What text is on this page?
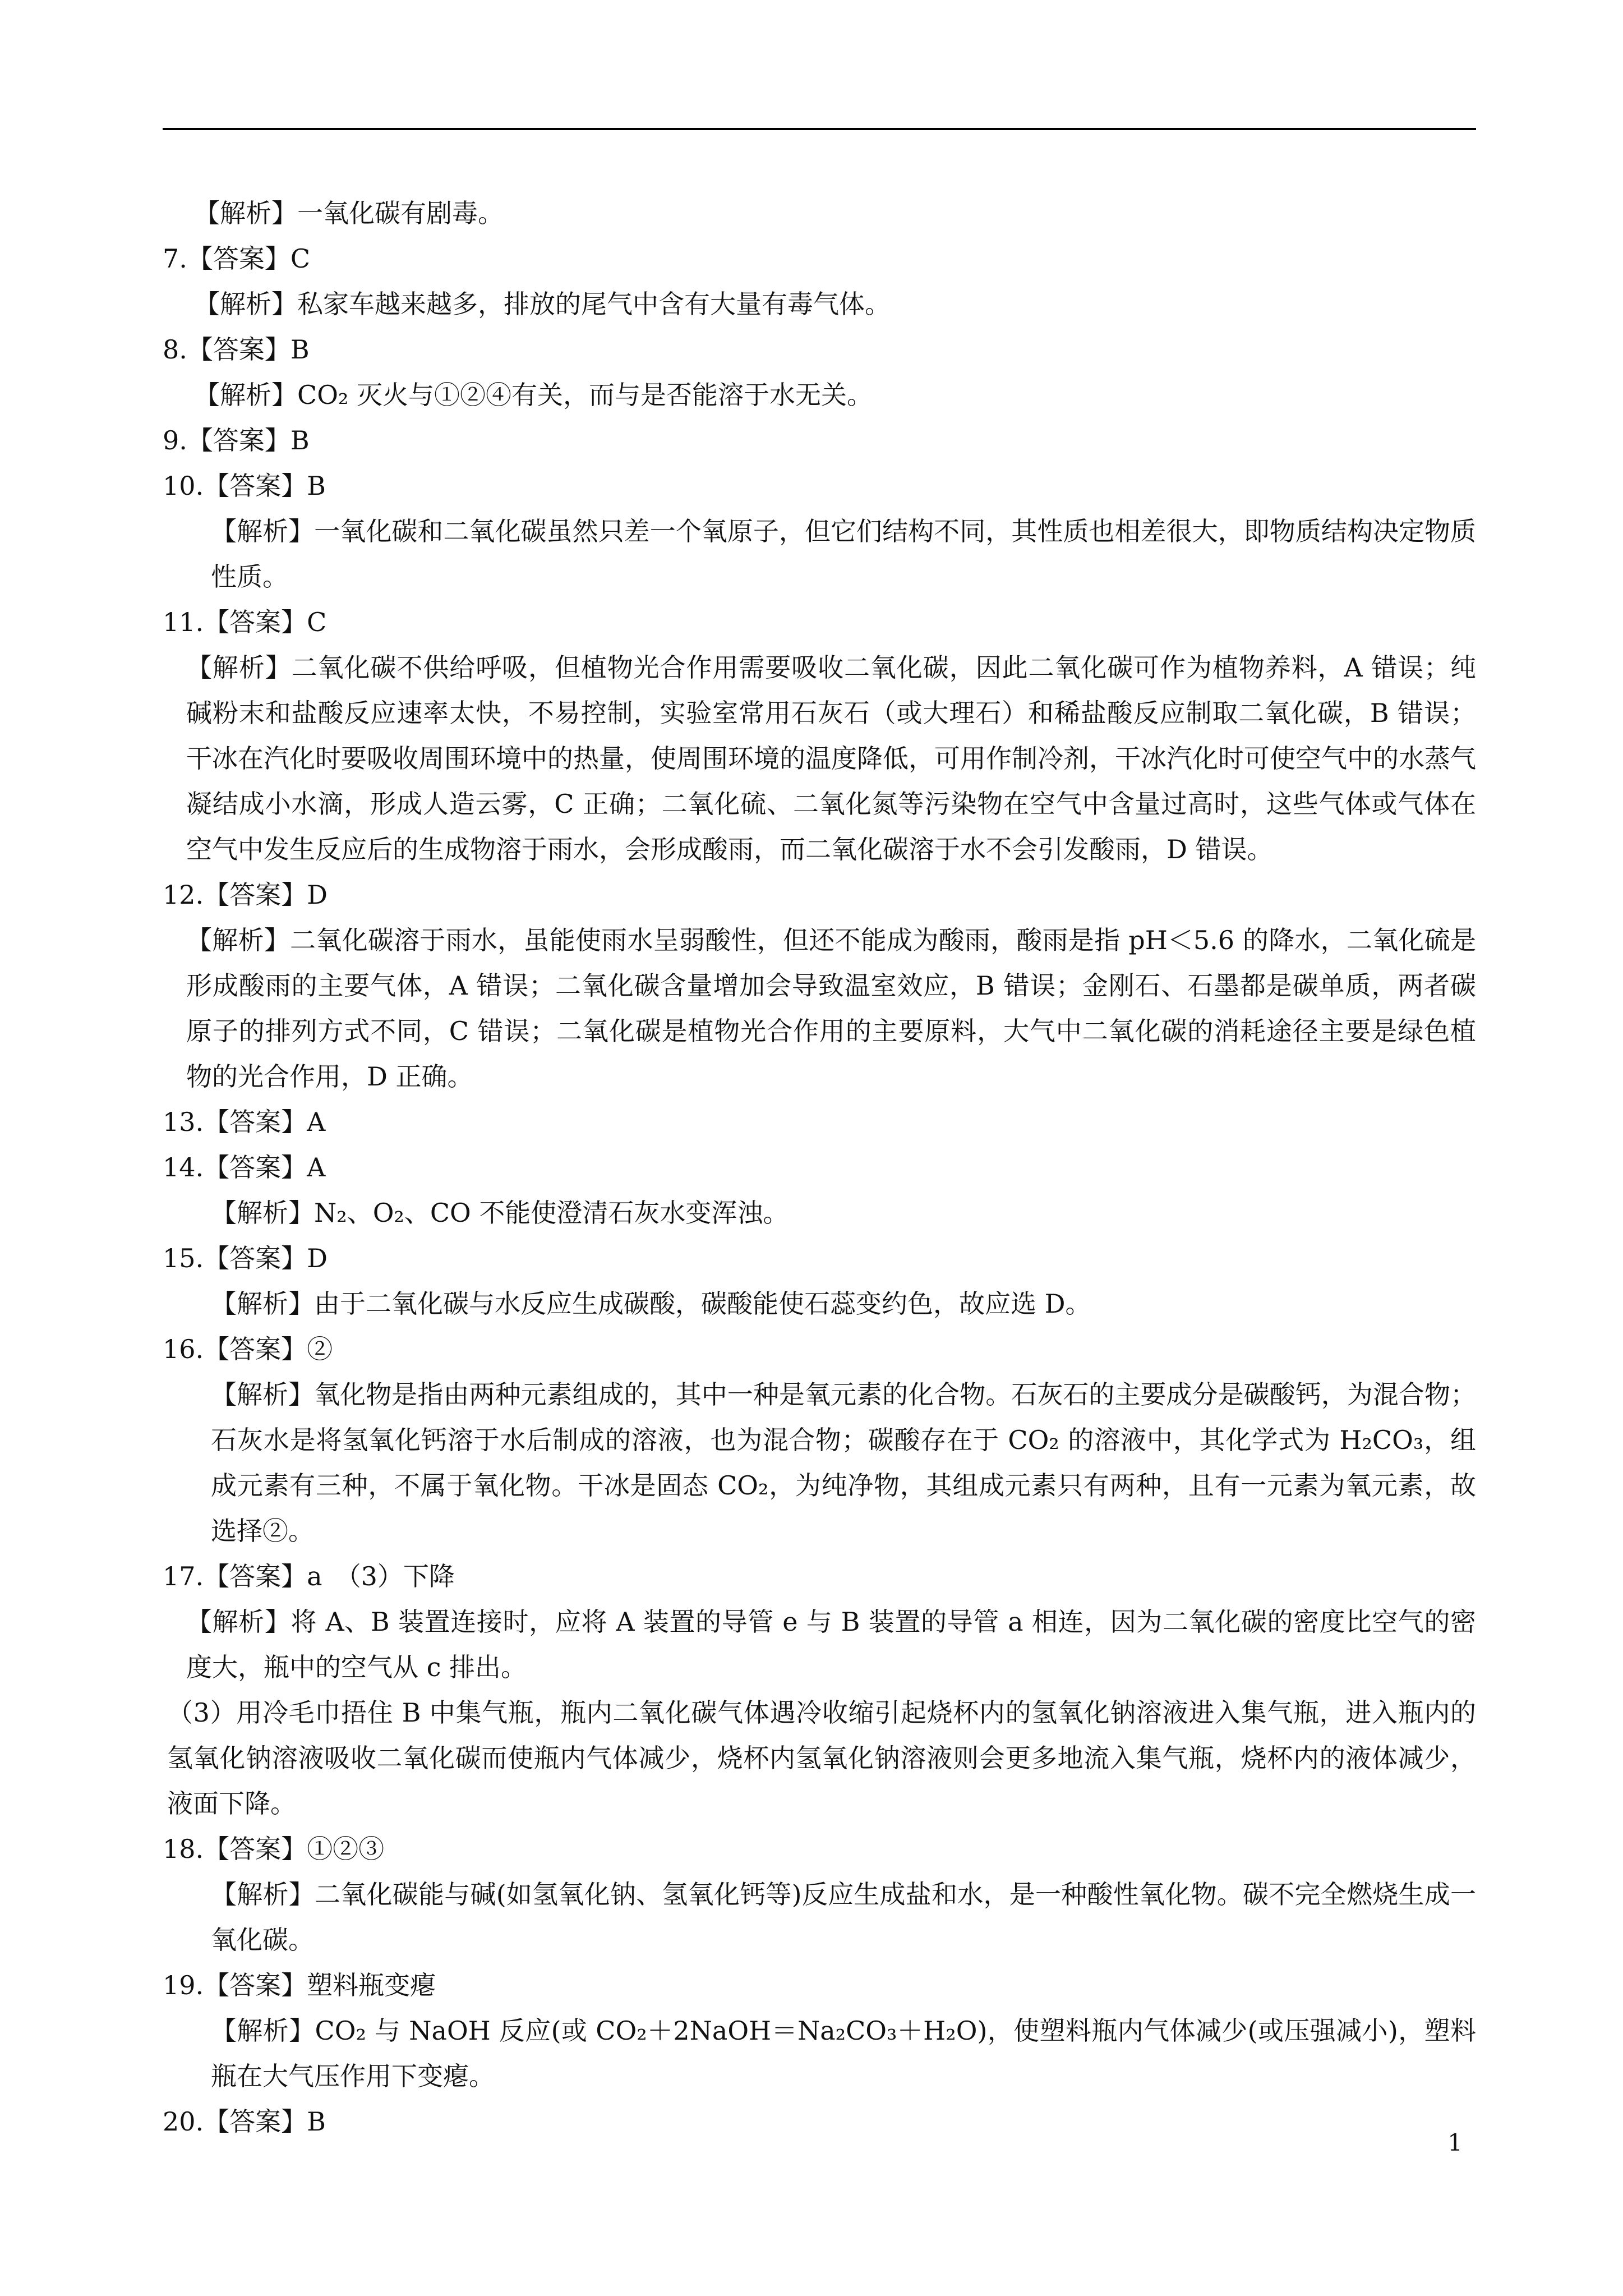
【解析】一氧化碳有剧毒。

7.【答案】C

【解析】私家车越来越多，排放的尾气中含有大量有毒气体。

8.【答案】B

【解析】CO₂ 灭火与①②④有关，而与是否能溶于水无关。

9.【答案】B

10.【答案】B

【解析】一氧化碳和二氧化碳虽然只差一个氧原子，但它们结构不同，其性质也相差很大，即物质结构决定物质性质。

11.【答案】C

【解析】二氧化碳不供给呼吸，但植物光合作用需要吸收二氧化碳，因此二氧化碳可作为植物养料，A 错误；纯碱粉末和盐酸反应速率太快，不易控制，实验室常用石灰石（或大理石）和稀盐酸反应制取二氧化碳，B 错误；干冰在汽化时要吸收周围环境中的热量，使周围环境的温度降低，可用作制冷剂，干冰汽化时可使空气中的水蒸气凝结成小水滴，形成人造云雾，C 正确；二氧化硫、二氧化氮等污染物在空气中含量过高时，这些气体或气体在空气中发生反应后的生成物溶于雨水，会形成酸雨，而二氧化碳溶于水不会引发酸雨，D 错误。

12.【答案】D

【解析】二氧化碳溶于雨水，虽能使雨水呈弱酸性，但还不能成为酸雨，酸雨是指 pH＜5.6 的降水，二氧化硫是形成酸雨的主要气体，A 错误；二氧化碳含量增加会导致温室效应，B 错误；金刚石、石墨都是碳单质，两者碳原子的排列方式不同，C 错误；二氧化碳是植物光合作用的主要原料，大气中二氧化碳的消耗途径主要是绿色植物的光合作用，D 正确。

13.【答案】A

14.【答案】A

【解析】N₂、O₂、CO 不能使澄清石灰水变浑浊。

15.【答案】D

【解析】由于二氧化碳与水反应生成碳酸，碳酸能使石蕊变约色，故应选 D。

16.【答案】②

【解析】氧化物是指由两种元素组成的，其中一种是氧元素的化合物。石灰石的主要成分是碳酸钙，为混合物；石灰水是将氢氧化钙溶于水后制成的溶液，也为混合物；碳酸存在于 CO₂ 的溶液中，其化学式为 H₂CO₃，组成元素有三种，不属于氧化物。干冰是固态 CO₂，为纯净物，其组成元素只有两种，且有一元素为氧元素，故选择②。

17.【答案】a　（3）下降

【解析】将 A、B 装置连接时，应将 A 装置的导管 e 与 B 装置的导管 a 相连，因为二氧化碳的密度比空气的密度大，瓶中的空气从 c 排出。

（3）用冷毛巾捂住 B 中集气瓶，瓶内二氧化碳气体遇冷收缩引起烧杯内的氢氧化钠溶液进入集气瓶，进入瓶内的氢氧化钠溶液吸收二氧化碳而使瓶内气体减少，烧杯内氢氧化钠溶液则会更多地流入集气瓶，烧杯内的液体减少，液面下降。

18.【答案】①②③

【解析】二氧化碳能与碱(如氢氧化钠、氢氧化钙等)反应生成盐和水，是一种酸性氧化物。碳不完全燃烧生成一氧化碳。

19.【答案】塑料瓶变瘪

【解析】CO₂ 与 NaOH 反应(或 CO₂＋2NaOH＝Na₂CO₃＋H₂O)，使塑料瓶内气体减少(或压强减小)，塑料瓶在大气压作用下变瘪。

20.【答案】B

1
